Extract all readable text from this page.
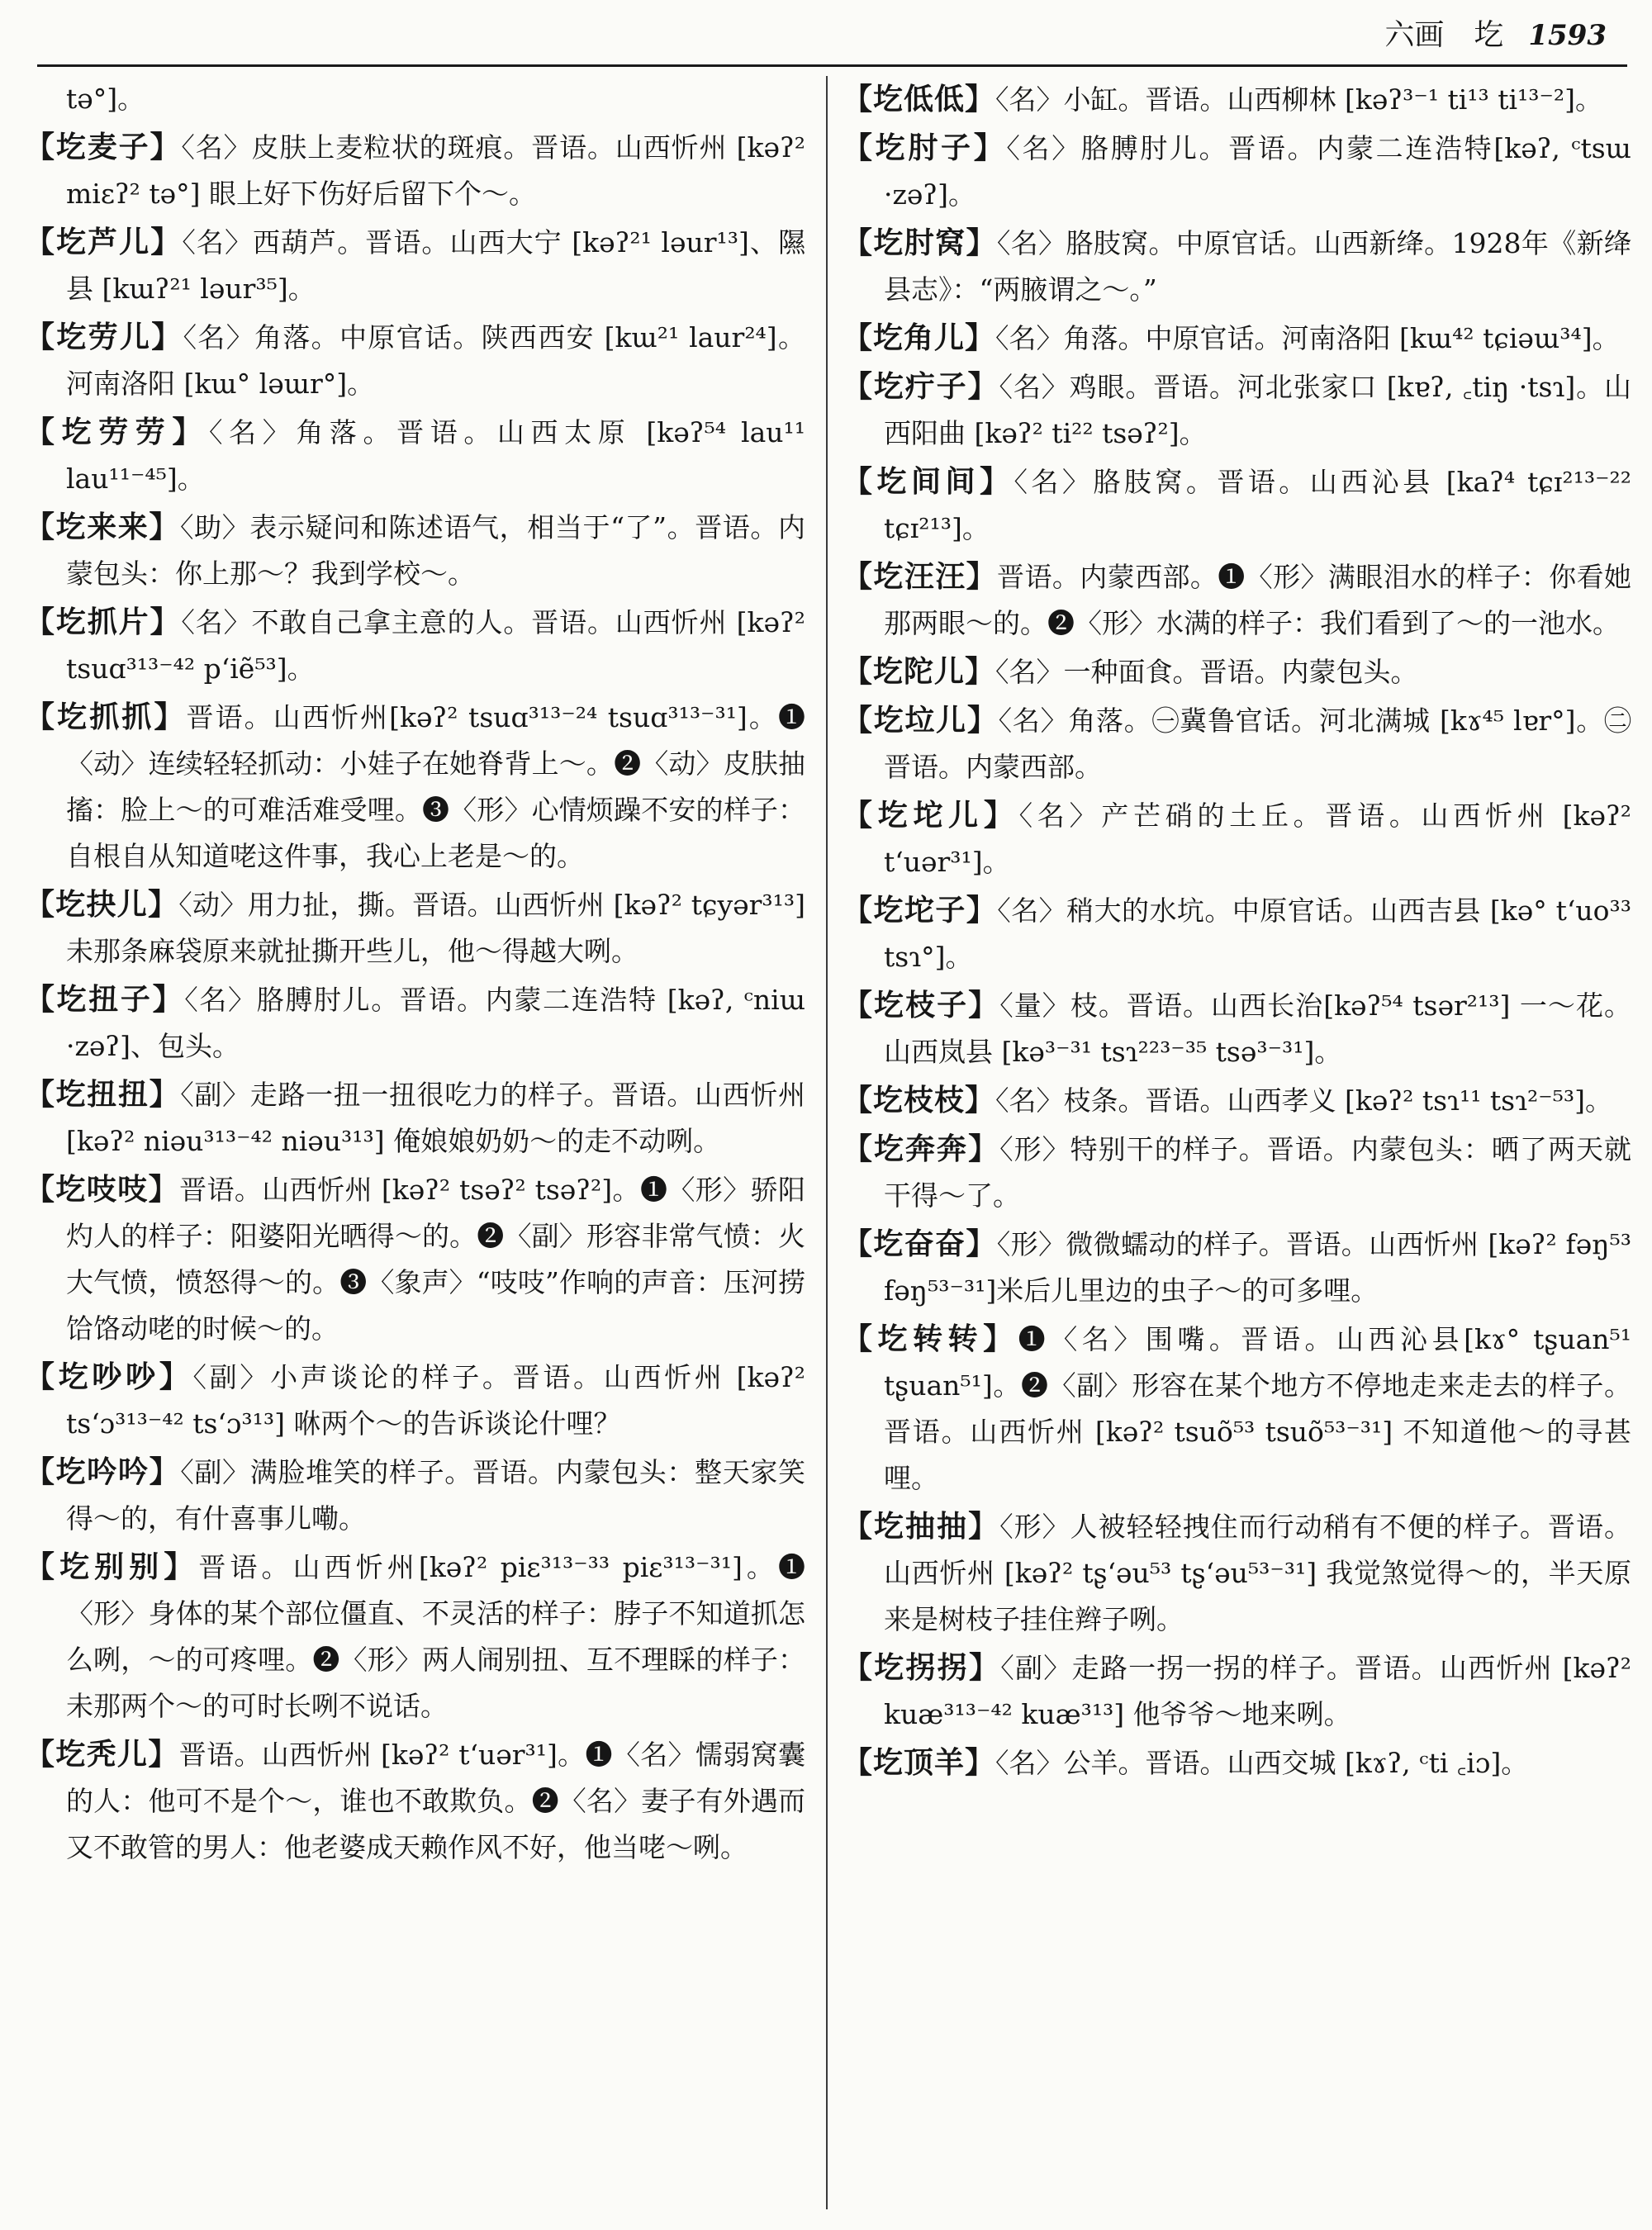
六画　圪 1593

tə°]。

【圪麦子】〈名〉皮肤上麦粒状的斑痕。晋语。山西忻州 [kəʔ² miɛʔ² tə°] 眼上好下伤好后留下个～。

【圪芦儿】〈名〉西葫芦。晋语。山西大宁 [kəʔ²¹ ləur¹³]、隰县 [kɯʔ²¹ ləur³⁵]。

【圪劳儿】〈名〉角落。中原官话。陕西西安 [kɯ²¹ laur²⁴]。河南洛阳 [kɯ° ləɯr°]。

【圪劳劳】〈名〉角落。晋语。山西太原 [kəʔ⁵⁴ lau¹¹ lau¹¹⁻⁴⁵]。

【圪来来】〈助〉表示疑问和陈述语气，相当于“了”。晋语。内蒙包头：你上那～？我到学校～。

【圪抓片】〈名〉不敢自己拿主意的人。晋语。山西忻州 [kəʔ² tsuɑ³¹³⁻⁴² p‘iẽ⁵³]。

【圪抓抓】晋语。山西忻州[kəʔ² tsuɑ³¹³⁻²⁴ tsuɑ³¹³⁻³¹]。❶〈动〉连续轻轻抓动：小娃子在她脊背上～。❷〈动〉皮肤抽搐：脸上～的可难活难受哩。❸〈形〉心情烦躁不安的样子：自根自从知道咾这件事，我心上老是～的。

【圪抉儿】〈动〉用力扯，撕。晋语。山西忻州 [kəʔ² tɕyər³¹³] 未那条麻袋原来就扯撕开些儿，他～得越大咧。

【圪扭子】〈名〉胳膊肘儿。晋语。内蒙二连浩特 [kəʔ, ᶜniɯ ·zəʔ]、包头。

【圪扭扭】〈副〉走路一扭一扭很吃力的样子。晋语。山西忻州 [kəʔ² niəu³¹³⁻⁴² niəu³¹³] 俺娘娘奶奶～的走不动咧。

【圪吱吱】晋语。山西忻州 [kəʔ² tsəʔ² tsəʔ²]。❶〈形〉骄阳灼人的样子：阳婆阳光晒得～的。❷〈副〉形容非常气愤：火大气愤，愤怒得～的。❸〈象声〉“吱吱”作响的声音：压河捞饸饹动咾的时候～的。

【圪吵吵】〈副〉小声谈论的样子。晋语。山西忻州 [kəʔ² ts‘ɔ³¹³⁻⁴² ts‘ɔ³¹³] 咻两个～的告诉谈论什哩？

【圪吟吟】〈副〉满脸堆笑的样子。晋语。内蒙包头：整天家笑得～的，有什喜事儿嘞。

【圪别别】晋语。山西忻州[kəʔ² piɛ³¹³⁻³³ piɛ³¹³⁻³¹]。❶〈形〉身体的某个部位僵直、不灵活的样子：脖子不知道抓怎么咧，～的可疼哩。❷〈形〉两人闹别扭、互不理睬的样子：未那两个～的可时长咧不说话。

【圪秃儿】晋语。山西忻州 [kəʔ² t‘uər³¹]。❶〈名〉懦弱窝囊的人：他可不是个～，谁也不敢欺负。❷〈名〉妻子有外遇而又不敢管的男人：他老婆成天赖作风不好，他当咾～咧。

【圪低低】〈名〉小缸。晋语。山西柳林 [kəʔ³⁻¹ ti¹³ ti¹³⁻²]。

【圪肘子】〈名〉胳膊肘儿。晋语。内蒙二连浩特[kəʔ, ᶜtsɯ ·zəʔ]。

【圪肘窝】〈名〉胳肢窝。中原官话。山西新绛。1928年《新绛县志》：“两腋谓之～。”

【圪角儿】〈名〉角落。中原官话。河南洛阳 [kɯ⁴² tɕiəɯ³⁴]。

【圪疔子】〈名〉鸡眼。晋语。河北张家口 [kɐʔ, ꜀tiŋ ·tsɿ]。山西阳曲 [kəʔ² ti²² tsəʔ²]。

【圪间间】〈名〉胳肢窝。晋语。山西沁县 [kaʔ⁴ tɕɪ²¹³⁻²² tɕɪ²¹³]。

【圪汪汪】晋语。内蒙西部。❶〈形〉满眼泪水的样子：你看她那两眼～的。❷〈形〉水满的样子：我们看到了～的一池水。

【圪陀儿】〈名〉一种面食。晋语。内蒙包头。

【圪垃儿】〈名〉角落。㊀冀鲁官话。河北满城 [kɤ⁴⁵ lɐr°]。㊁晋语。内蒙西部。

【圪坨儿】〈名〉产芒硝的土丘。晋语。山西忻州 [kəʔ² t‘uər³¹]。

【圪坨子】〈名〉稍大的水坑。中原官话。山西吉县 [kə° t‘uo³³ tsɿ°]。

【圪枝子】〈量〉枝。晋语。山西长治[kəʔ⁵⁴ tsər²¹³] 一～花。山西岚县 [kə³⁻³¹ tsɿ²²³⁻³⁵ tsə³⁻³¹]。

【圪枝枝】〈名〉枝条。晋语。山西孝义 [kəʔ² tsɿ¹¹ tsɿ²⁻⁵³]。

【圪奔奔】〈形〉特别干的样子。晋语。内蒙包头：晒了两天就干得～了。

【圪奋奋】〈形〉微微蠕动的样子。晋语。山西忻州 [kəʔ² fəŋ⁵³ fəŋ⁵³⁻³¹]米后儿里边的虫子～的可多哩。

【圪转转】❶〈名〉围嘴。晋语。山西沁县[kɤ° tʂuan⁵¹ tʂuan⁵¹]。❷〈副〉形容在某个地方不停地走来走去的样子。晋语。山西忻州 [kəʔ² tsuõ⁵³ tsuõ⁵³⁻³¹] 不知道他～的寻甚哩。

【圪抽抽】〈形〉人被轻轻拽住而行动稍有不便的样子。晋语。山西忻州 [kəʔ² tʂ‘əu⁵³ tʂ‘əu⁵³⁻³¹] 我觉煞觉得～的，半天原来是树枝子挂住辫子咧。

【圪拐拐】〈副〉走路一拐一拐的样子。晋语。山西忻州 [kəʔ² kuæ³¹³⁻⁴² kuæ³¹³] 他爷爷～地来咧。

【圪顶羊】〈名〉公羊。晋语。山西交城 [kɤʔ, ᶜti ꜀iɔ]。
